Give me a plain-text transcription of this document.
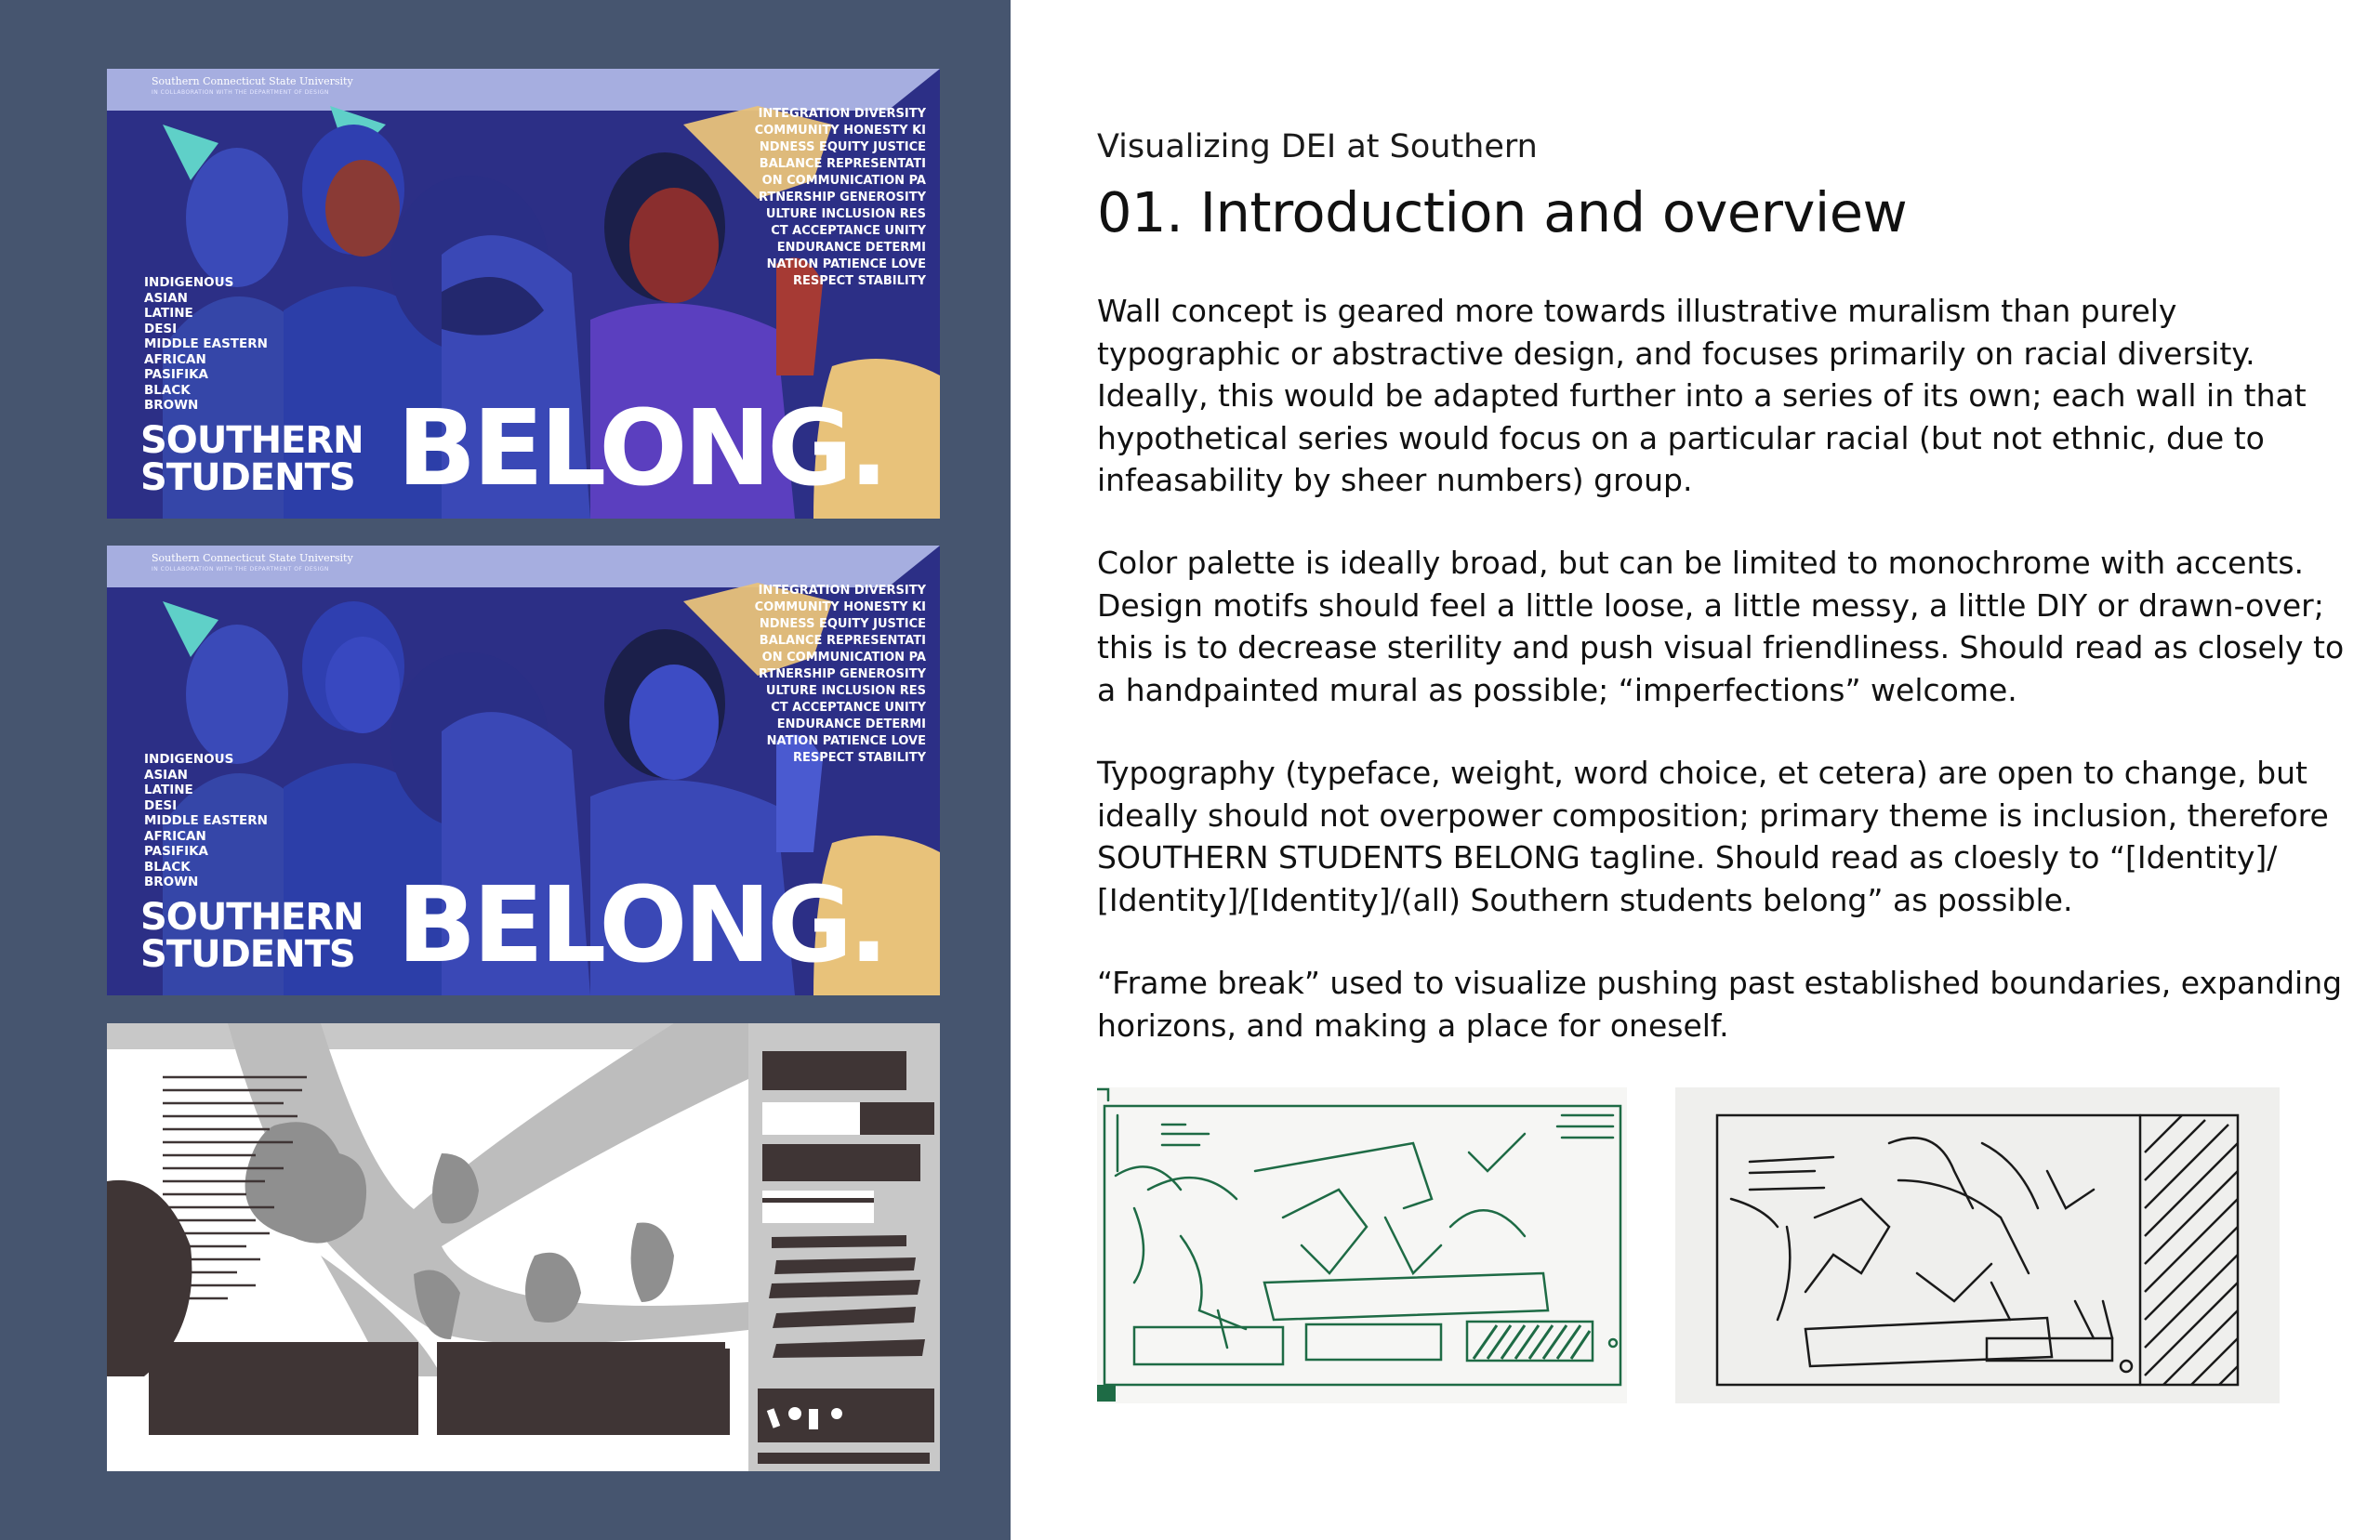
Southern Connecticut State University
IN COLLABORATION WITH THE DEPARTMENT OF DESIGN
INTEGRATION DIVERSITY
COMMUNITY HONESTY KI
NDNESS EQUITY JUSTICE
BALANCE REPRESENTATI
ON COMMUNICATION PA
RTNERSHIP GENEROSITY
ULTURE INCLUSION RES
CT ACCEPTANCE UNITY
ENDURANCE DETERMI
NATION PATIENCE LOVE
RESPECT STABILITY
INDIGENOUS
ASIAN
LATINE
DESI
MIDDLE EASTERN
AFRICAN
PASIFIKA
BLACK
BROWN
SOUTHERN
STUDENTS BELONG.
Southern Connecticut State University
IN COLLABORATION WITH THE DEPARTMENT OF DESIGN
INTEGRATION DIVERSITY
COMMUNITY HONESTY KI
NDNESS EQUITY JUSTICE
BALANCE REPRESENTATI
ON COMMUNICATION PA
RTNERSHIP GENEROSITY
ULTURE INCLUSION RES
CT ACCEPTANCE UNITY
ENDURANCE DETERMI
NATION PATIENCE LOVE
RESPECT STABILITY
INDIGENOUS
ASIAN
LATINE
DESI
MIDDLE EASTERN
AFRICAN
PASIFIKA
BLACK
BROWN
SOUTHERN
STUDENTS BELONG.
Visualizing DEI at Southern
01. Introduction and overview
Wall concept is geared more towards illustrative muralism than purely
typographic or abstractive design, and focuses primarily on racial diversity.
Ideally, this would be adapted further into a series of its own; each wall in that
hypothetical series would focus on a particular racial (but not ethnic, due to
infeasability by sheer numbers) group.
Color palette is ideally broad, but can be limited to monochrome with accents.
Design motifs should feel a little loose, a little messy, a little DIY or drawn-over;
this is to decrease sterility and push visual friendliness. Should read as closely to
a handpainted mural as possible; “imperfections” welcome.
Typography (typeface, weight, word choice, et cetera) are open to change, but
ideally should not overpower composition; primary theme is inclusion, therefore
SOUTHERN STUDENTS BELONG tagline. Should read as cloesly to “[Identity]/
[Identity]/[Identity]/(all) Southern students belong” as possible.
“Frame break” used to visualize pushing past established boundaries, expanding
horizons, and making a place for oneself.
